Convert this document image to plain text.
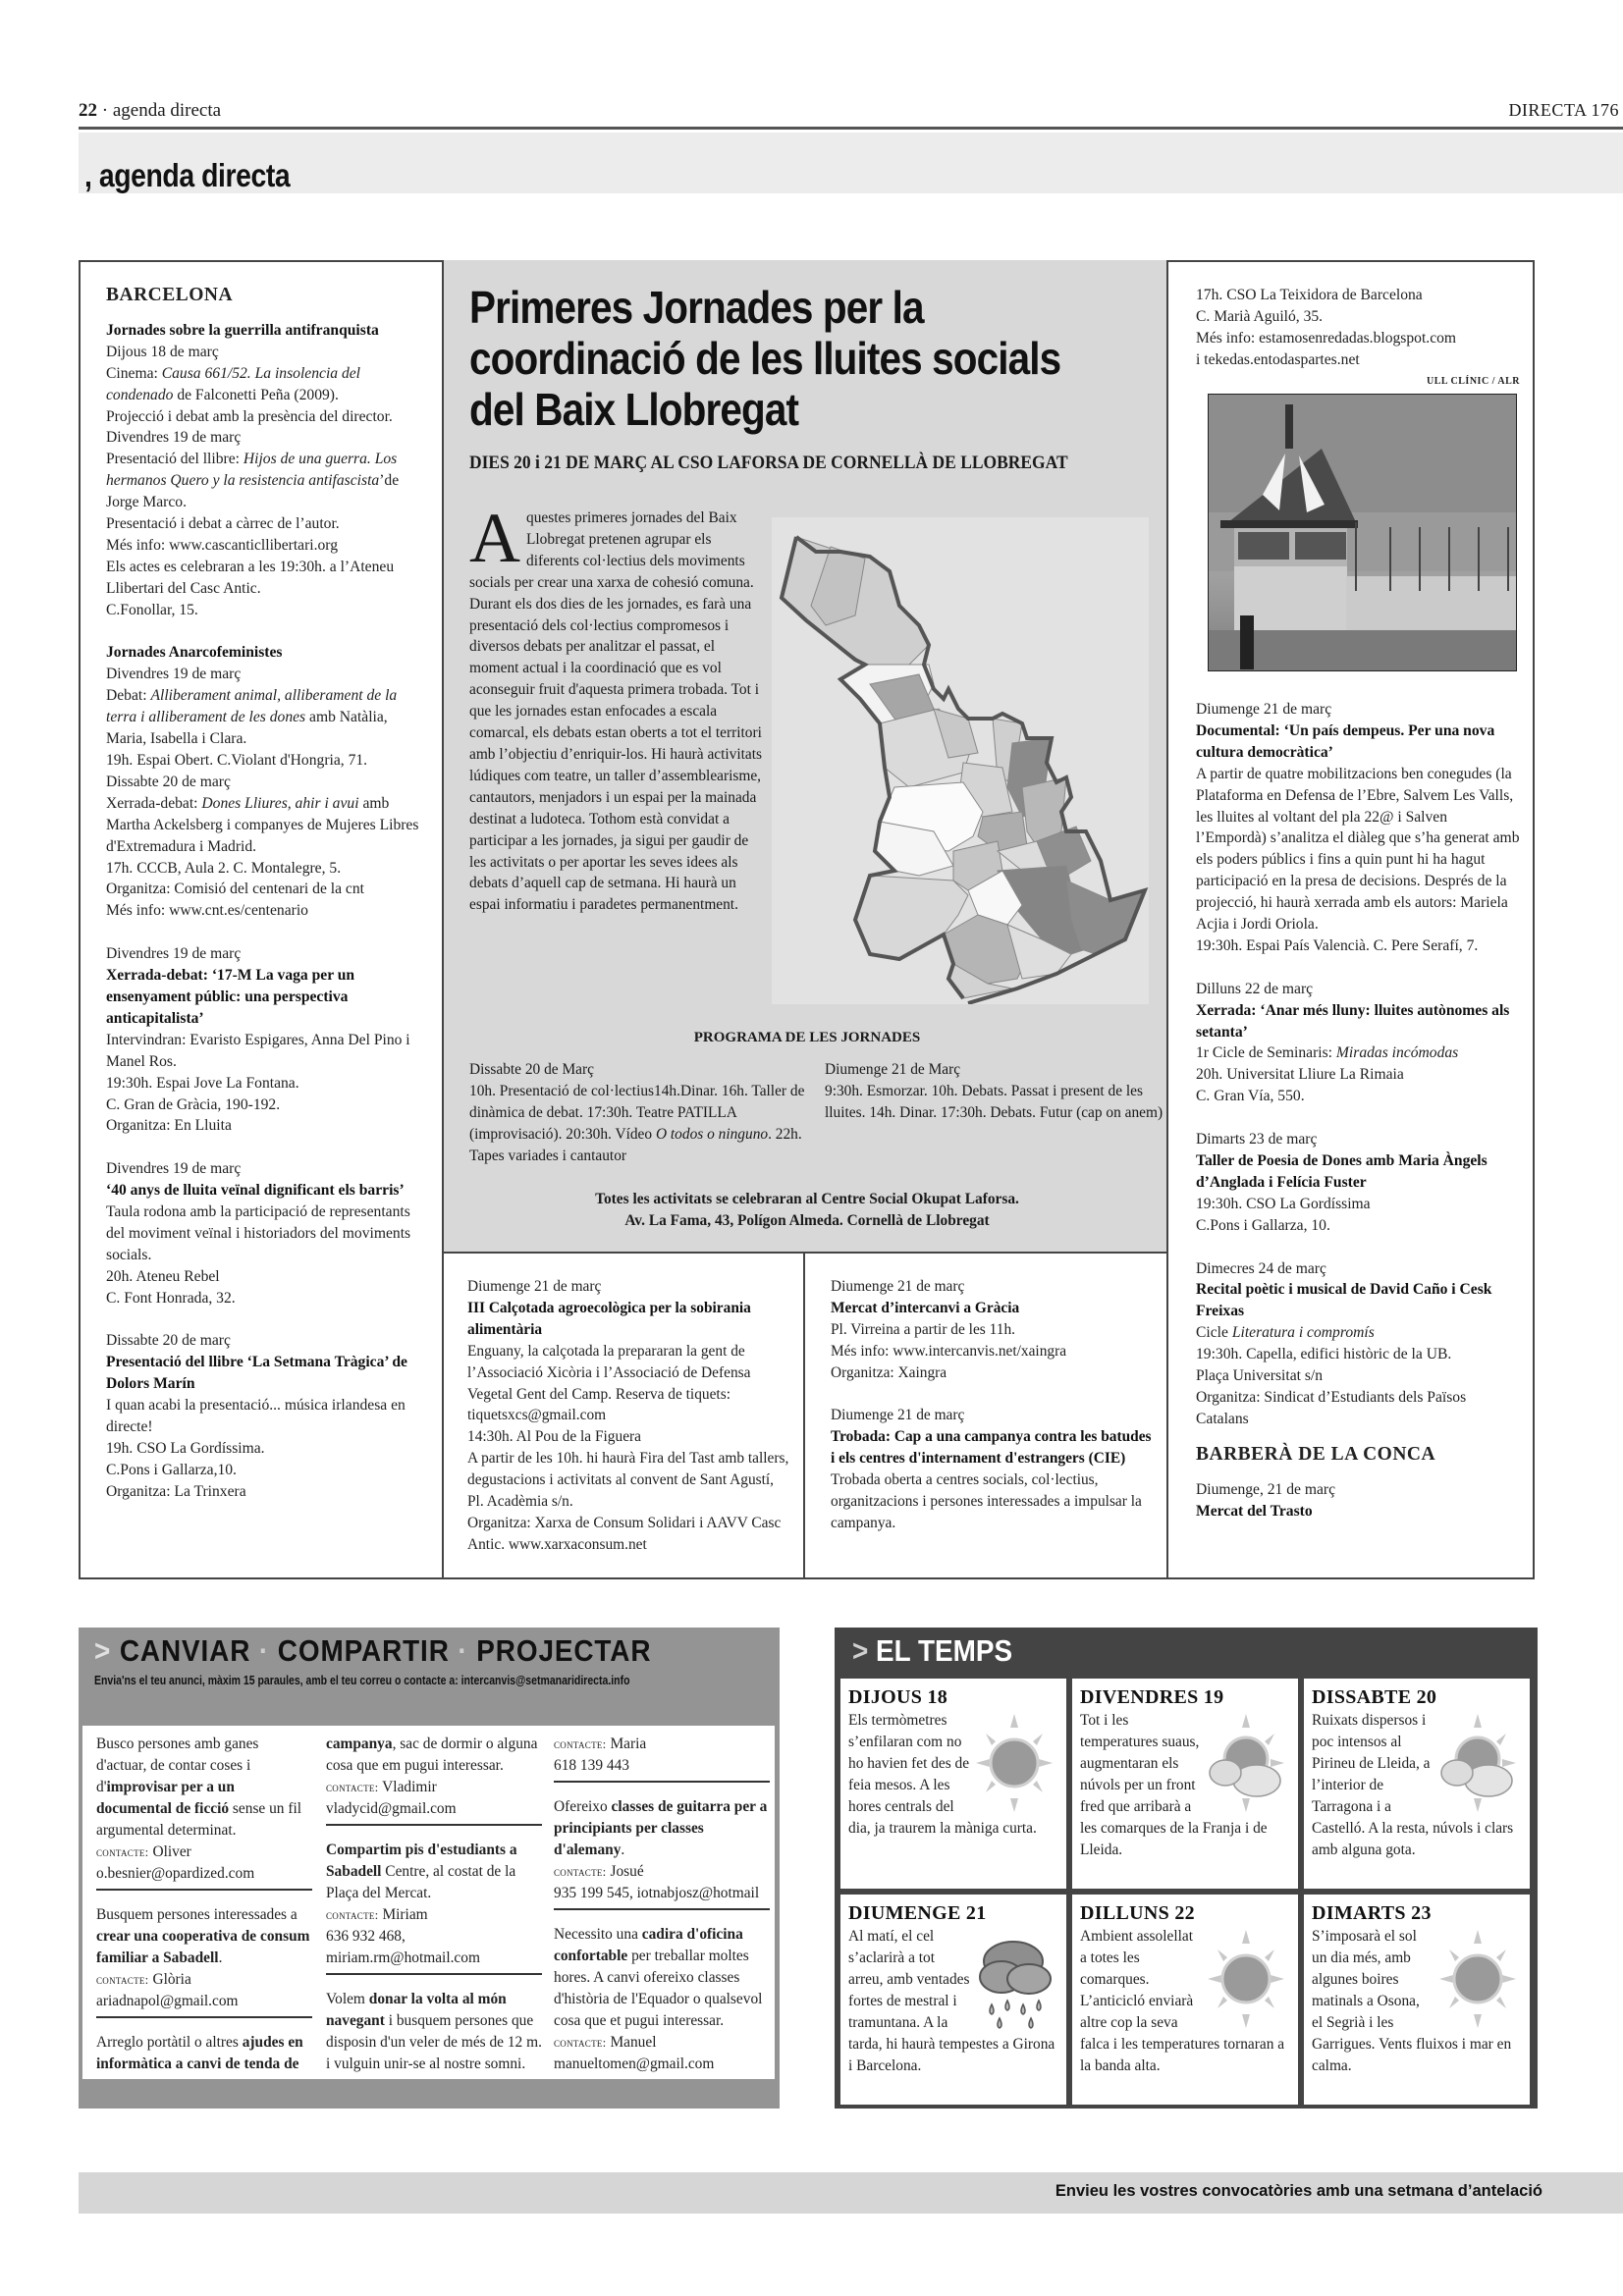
22 · agenda directa	DIRECTA 176
, agenda directa
BARCELONA

Jornades sobre la guerrilla antifranquista

Dijous 18 de març

Cinema: Causa 661/52. La insolencia del condenado de Falconetti Peña (2009).

Projecció i debat amb la presència del director.

Divendres 19 de març

Presentació del llibre: Hijos de una guerra. Los hermanos Quero y la resistencia antifascista’de Jorge Marco.

Presentació i debat a càrrec de l’autor.

Més info: www.cascanticllibertari.org

Els actes es celebraran a les 19:30h. a l’Ateneu Llibertari del Casc Antic.

C.Fonollar, 15.

Jornades Anarcofeministes

Divendres 19 de març

Debat: Alliberament animal, alliberament de la terra i alliberament de les dones amb Natàlia, Maria, Isabella i Clara.

19h. Espai Obert. C.Violant d'Hongria, 71.

Dissabte 20 de març

Xerrada-debat: Dones Lliures, ahir i avui amb Martha Ackelsberg i companyes de Mujeres Libres d'Extremadura i Madrid.

17h. CCCB, Aula 2. C. Montalegre, 5.

Organitza: Comisió del centenari de la cnt

Més info: www.cnt.es/centenario

Divendres 19 de març

Xerrada-debat: ‘17-M La vaga per un ensenyament públic: una perspectiva anticapitalista’

Intervindran: Evaristo Espigares, Anna Del Pino i Manel Ros.

19:30h. Espai Jove La Fontana.

C. Gran de Gràcia, 190-192.

Organitza: En Lluita

Divendres 19 de març

‘40 anys de lluita veïnal dignificant els barris’

Taula rodona amb la participació de representants del moviment veïnal i historiadors del moviments socials.

20h. Ateneu Rebel

C. Font Honrada, 32.

Dissabte 20 de març

Presentació del llibre ‘La Setmana Tràgica’ de Dolors Marín

I quan acabi la presentació... música irlandesa en directe!

19h. CSO La Gordíssima.

C.Pons i Gallarza,10.

Organitza: La Trinxera

Primeres Jornades per la coordinació de les lluites socials del Baix Llobregat
DIES 20 i 21 DE MARÇ AL CSO LAFORSA DE CORNELLÀ DE LLOBREGAT
Aquestes primeres jornades del Baix Llobregat pretenen agrupar els diferents col·lectius dels moviments socials per crear una xarxa de cohesió comuna. Durant els dos dies de les jornades, es farà una presentació dels col·lectius compromesos i diversos debats per analitzar el passat, el moment actual i la coordinació que es vol aconseguir fruit d'aquesta primera trobada. Tot i que les jornades estan enfocades a escala comarcal, els debats estan oberts a tot el territori amb l’objectiu d’enriquir-los. Hi haurà activitats lúdiques com teatre, un taller d’assemblearisme, cantautors, menjadors i un espai per la mainada destinat a ludoteca. Tothom està convidat a participar a les jornades, ja sigui per gaudir de les activitats o per aportar les seves idees als debats d’aquell cap de setmana. Hi haurà un espai informatiu i paradetes permanentment.
PROGRAMA DE LES JORNADES

Dissabte 20 de Març

10h. Presentació de col·lectius14h.Dinar. 16h. Taller de dinàmica de debat. 17:30h. Teatre PATILLA (improvisació). 20:30h. Vídeo O todos o ninguno. 22h. Tapes variades i cantautor

Diumenge 21 de Març

9:30h. Esmorzar. 10h. Debats. Passat i present de les lluites. 14h. Dinar. 17:30h. Debats. Futur (cap on anem)

Totes les activitats se celebraran al Centre Social Okupat Laforsa.
Av. La Fama, 43, Polígon Almeda. Cornellà de Llobregat

Diumenge 21 de març

III Calçotada agroecològica per la sobirania alimentària

Enguany, la calçotada la prepararan la gent de l’Associació Xicòria i l’Associació de Defensa Vegetal Gent del Camp. Reserva de tiquets: tiquetsxcs@gmail.com

14:30h. Al Pou de la Figuera

A partir de les 10h. hi haurà Fira del Tast amb tallers, degustacions i activitats al convent de Sant Agustí, Pl. Acadèmia s/n.

Organitza: Xarxa de Consum Solidari i AAVV Casc Antic. www.xarxaconsum.net

Diumenge 21 de març

Mercat d’intercanvi a Gràcia

Pl. Virreina a partir de les 11h.

Més info: www.intercanvis.net/xaingra

Organitza: Xaingra

Diumenge 21 de març

Trobada: Cap a una campanya contra les batudes i els centres d'internament d'estrangers (CIE)

Trobada oberta a centres socials, col·lectius, organitzacions i persones interessades a impulsar la campanya.

17h. CSO La Teixidora de Barcelona

C. Marià Aguiló, 35.

Més info: estamosenredadas.blogspot.com

i tekedas.entodaspartes.net

ULL CLÍNIC / ALR

Diumenge 21 de març

Documental: ‘Un país dempeus. Per una nova cultura democràtica’

A partir de quatre mobilitzacions ben conegudes (la Plataforma en Defensa de l’Ebre, Salvem Les Valls, les lluites al voltant del pla 22@ i Salven l’Empordà) s’analitza el diàleg que s’ha generat amb els poders públics i fins a quin punt hi ha hagut participació en la presa de decisions. Després de la projecció, hi haurà xerrada amb els autors: Mariela Acjia i Jordi Oriola.

19:30h. Espai País Valencià. C. Pere Serafí, 7.

Dilluns 22 de març

Xerrada: ‘Anar més lluny: lluites autònomes als setanta’

1r Cicle de Seminaris: Miradas incómodas

20h. Universitat Lliure La Rimaia

C. Gran Vía, 550.

Dimarts 23 de març

Taller de Poesia de Dones amb Maria Àngels d’Anglada i Felícia Fuster

19:30h. CSO La Gordíssima

C.Pons i Gallarza, 10.

Dimecres 24 de març

Recital poètic i musical de David Caño i Cesk Freixas

Cicle Literatura i compromís

19:30h. Capella, edifici històric de la UB.

Plaça Universitat s/n

Organitza: Sindicat d’Estudiants dels Països Catalans

BARBERÀ DE LA CONCA

Diumenge, 21 de març

Mercat del Trasto

> CANVIAR · COMPARTIR · PROJECTAR
Envia'ns el teu anunci, màxim 15 paraules, amb el teu correu o contacte a: intercanvis@setmanaridirecta.info
Busco persones amb ganes d'actuar, de contar coses i d'improvisar per a un documental de ficció sense un fil argumental determinat.
contacte: Oliver
o.besnier@opardized.com
Busquem persones interessades a crear una cooperativa de consum familiar a Sabadell.
contacte: Glòria
ariadnapol@gmail.com
Arreglo portàtil o altres ajudes en informàtica a canvi de tenda de
campanya, sac de dormir o alguna cosa que em pugui interessar.
contacte: Vladimir
vladycid@gmail.com
Compartim pis d'estudiants a Sabadell Centre, al costat de la Plaça del Mercat.
contacte: Miriam
636 932 468, miriam.rm@hotmail.com
Volem donar la volta al món navegant i busquem persones que disposin d'un veler de més de 12 m. i vulguin unir-se al nostre somni.
contacte: Maria
618 139 443
Ofereixo classes de guitarra per a principiants per classes d'alemany.
contacte: Josué
935 199 545, iotnabjosz@hotmail
Necessito una cadira d'oficina confortable per treballar moltes hores. A canvi ofereixo classes d'història de l'Equador o qualsevol cosa que et pugui interessar.
contacte: Manuel
manueltomen@gmail.com
> EL TEMPS
DIJOUS 18
Els termòmetres s’enfilaran com no ho havien fet des de feia mesos. A les hores centrals del dia, ja traurem la màniga curta.
DIVENDRES 19
Tot i les temperatures suaus, augmentaran els núvols per un front fred que arribarà a les comarques de la Franja i de Lleida.
DISSABTE 20
Ruixats dispersos i poc intensos al Pirineu de Lleida, a l’interior de Tarragona i a Castelló. A la resta, núvols i clars amb alguna gota.
DIUMENGE 21
Al matí, el cel s’aclarirà a tot arreu, amb ventades fortes de mestral i tramuntana. A la tarda, hi haurà tempestes a Girona i Barcelona.
DILLUNS 22
Ambient assolellat a totes les comarques. L’anticicló enviarà altre cop la seva falca i les temperatures tornaran a la banda alta.
DIMARTS 23
S’imposarà el sol un dia més, amb algunes boires matinals a Osona, el Segrià i les Garrigues. Vents fluixos i mar en calma.
Envieu les vostres convocatòries amb una setmana d’antelació
